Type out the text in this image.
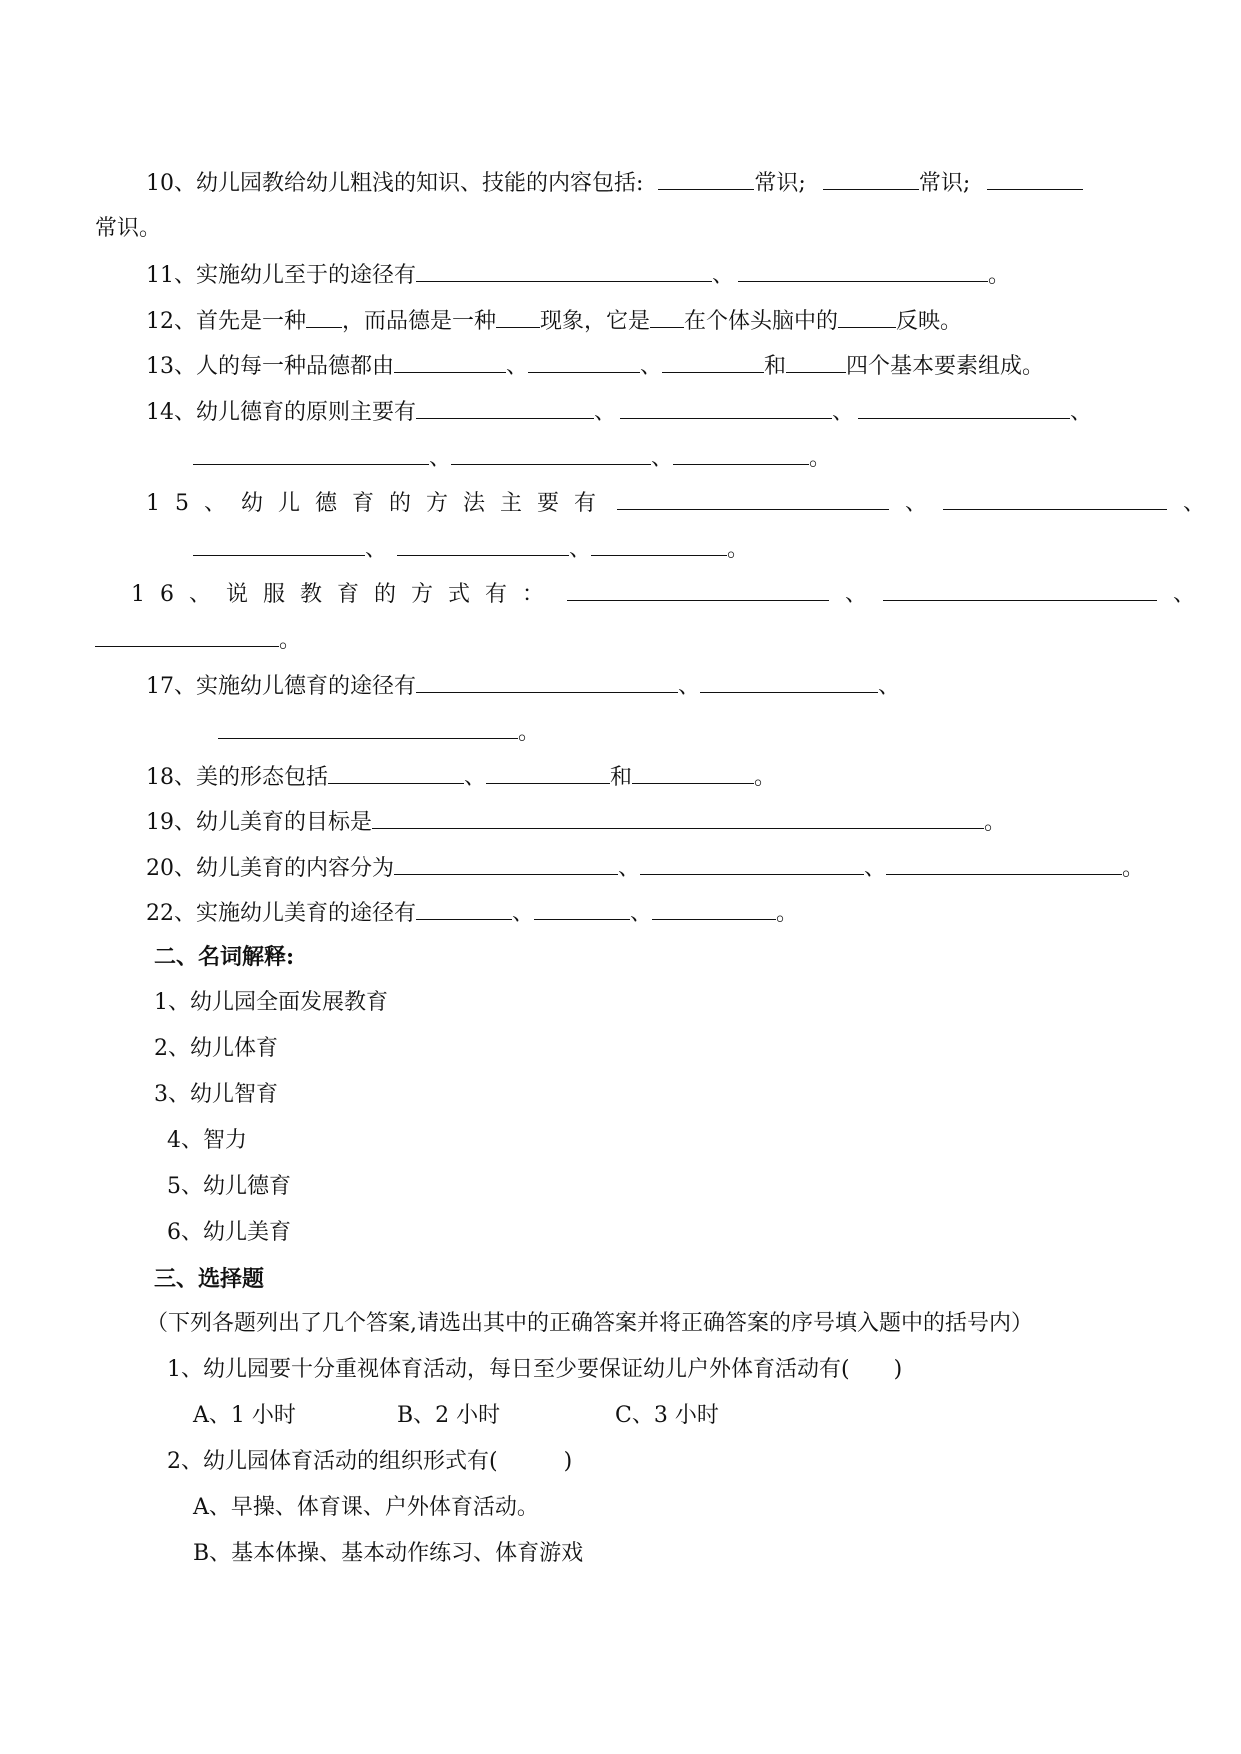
10、幼儿园教给幼儿粗浅的知识、技能的内容包括:	常识;	常识;
常识。
11、实施幼儿至于的途径有	、	。
12、首先是一种 ，而品德是一种 现象，它是 在个体头脑中的	反映。
13、人的每一种品德都由	、	、	和	四个基本要素组成。
14、幼儿德育的原则主要有	、	、	、
、	、	。
15、幼儿德育的方法主要有	、	、
、	、	。
16、说服教育的方式有：	、	、
。
17、实施幼儿德育的途径有	、	、
。
18、美的形态包括	、	和	。
19、幼儿美育的目标是	。
20、幼儿美育的内容分为	、	、	。
22、实施幼儿美育的途径有	、	、	。
二、名词解释:
1、幼儿园全面发展教育
2、幼儿体育
3、幼儿智育
4、智力
5、幼儿德育
6、幼儿美育
三、选择题
（下列各题列出了几个答案,请选出其中的正确答案并将正确答案的序号填入题中的括号内）
1、幼儿园要十分重视体育活动，每日至少要保证幼儿户外体育活动有(　　)
A、1 小时	B、2 小时	C、3 小时
2、幼儿园体育活动的组织形式有(　　　)
A、早操、体育课、户外体育活动。
B、基本体操、基本动作练习、体育游戏
